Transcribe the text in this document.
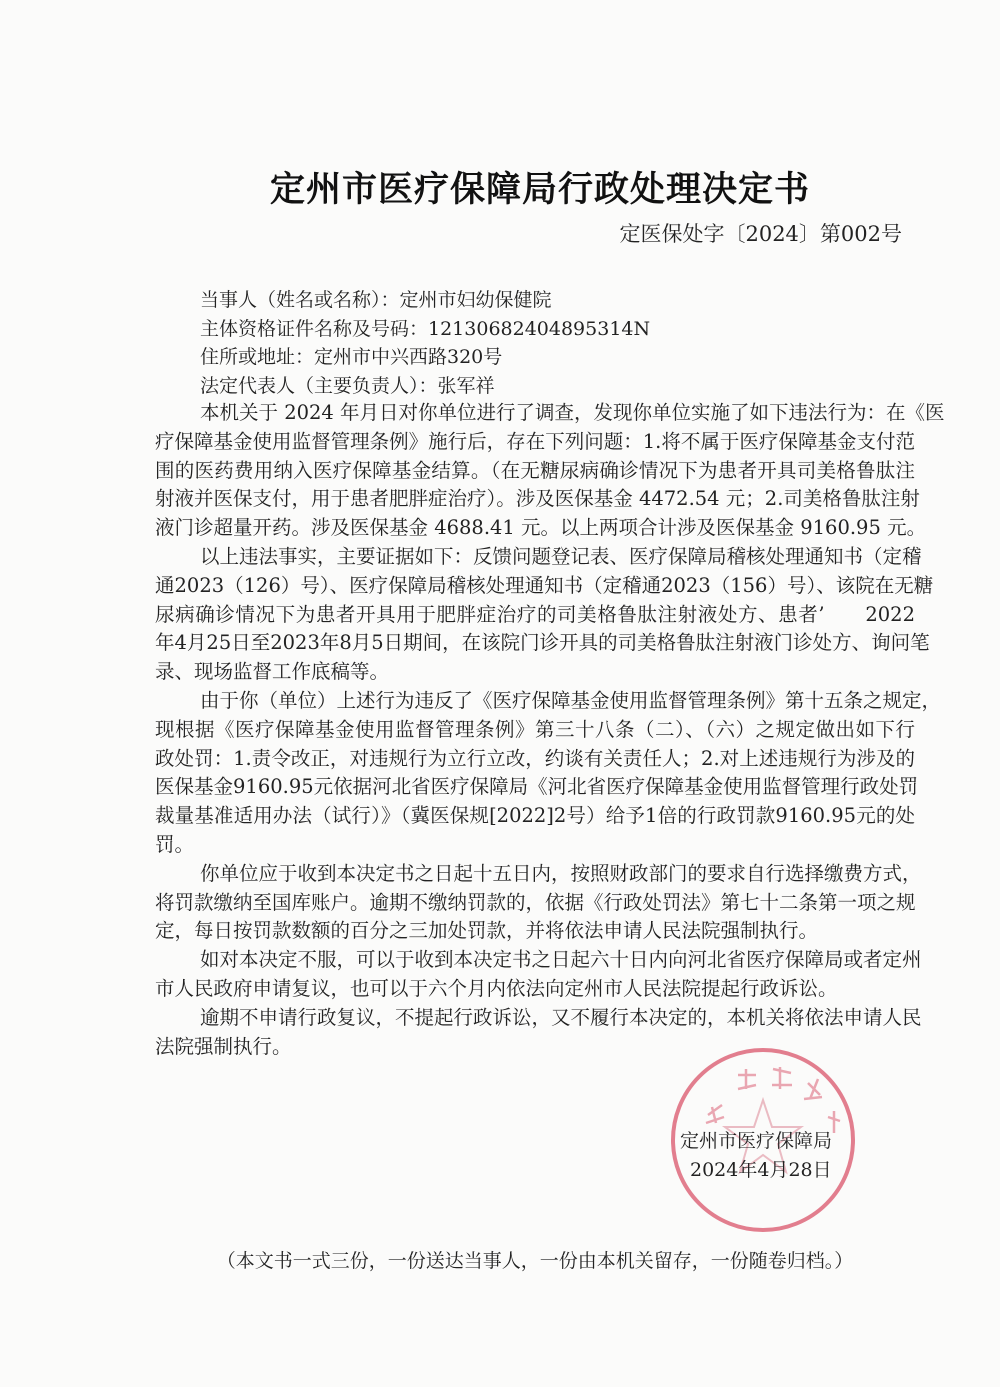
定州市医疗保障局行政处理决定书
定医保处字〔2024〕第002号
当事人（姓名或名称）：定州市妇幼保健院
主体资格证件名称及号码：12130682404895314N
住所或地址：定州市中兴西路320号
法定代表人（主要负责人）：张军祥
本机关于 2024 年月日对你单位进行了调查，发现你单位实施了如下违法行为：在《医
疗保障基金使用监督管理条例》施行后，存在下列问题：1.将不属于医疗保障基金支付范
围的医药费用纳入医疗保障基金结算。（在无糖尿病确诊情况下为患者开具司美格鲁肽注
射液并医保支付，用于患者肥胖症治疗）。涉及医保基金 4472.54 元；2.司美格鲁肽注射
液门诊超量开药。涉及医保基金 4688.41 元。以上两项合计涉及医保基金 9160.95 元。
以上违法事实，主要证据如下：反馈问题登记表、医疗保障局稽核处理通知书（定稽
通2023（126）号）、医疗保障局稽核处理通知书（定稽通2023（156）号）、该院在无糖
尿病确诊情况下为患者开具用于肥胖症治疗的司美格鲁肽注射液处方、患者’　　2022
年4月25日至2023年8月5日期间，在该院门诊开具的司美格鲁肽注射液门诊处方、询问笔
录、现场监督工作底稿等。
由于你（单位）上述行为违反了《医疗保障基金使用监督管理条例》第十五条之规定，
现根据《医疗保障基金使用监督管理条例》第三十八条（二）、（六）之规定做出如下行
政处罚：1.责令改正，对违规行为立行立改，约谈有关责任人；2.对上述违规行为涉及的
医保基金9160.95元依据河北省医疗保障局《河北省医疗保障基金使用监督管理行政处罚
裁量基准适用办法（试行）》（冀医保规[2022]2号）给予1倍的行政罚款9160.95元的处
罚。
你单位应于收到本决定书之日起十五日内，按照财政部门的要求自行选择缴费方式，
将罚款缴纳至国库账户。逾期不缴纳罚款的，依据《行政处罚法》第七十二条第一项之规
定，每日按罚款数额的百分之三加处罚款，并将依法申请人民法院强制执行。
如对本决定不服，可以于收到本决定书之日起六十日内向河北省医疗保障局或者定州
市人民政府申请复议，也可以于六个月内依法向定州市人民法院提起行政诉讼。
逾期不申请行政复议，不提起行政诉讼，又不履行本决定的，本机关将依法申请人民
法院强制执行。
定州市医疗保障局
2024年4月28日
（本文书一式三份，一份送达当事人，一份由本机关留存，一份随卷归档。）
